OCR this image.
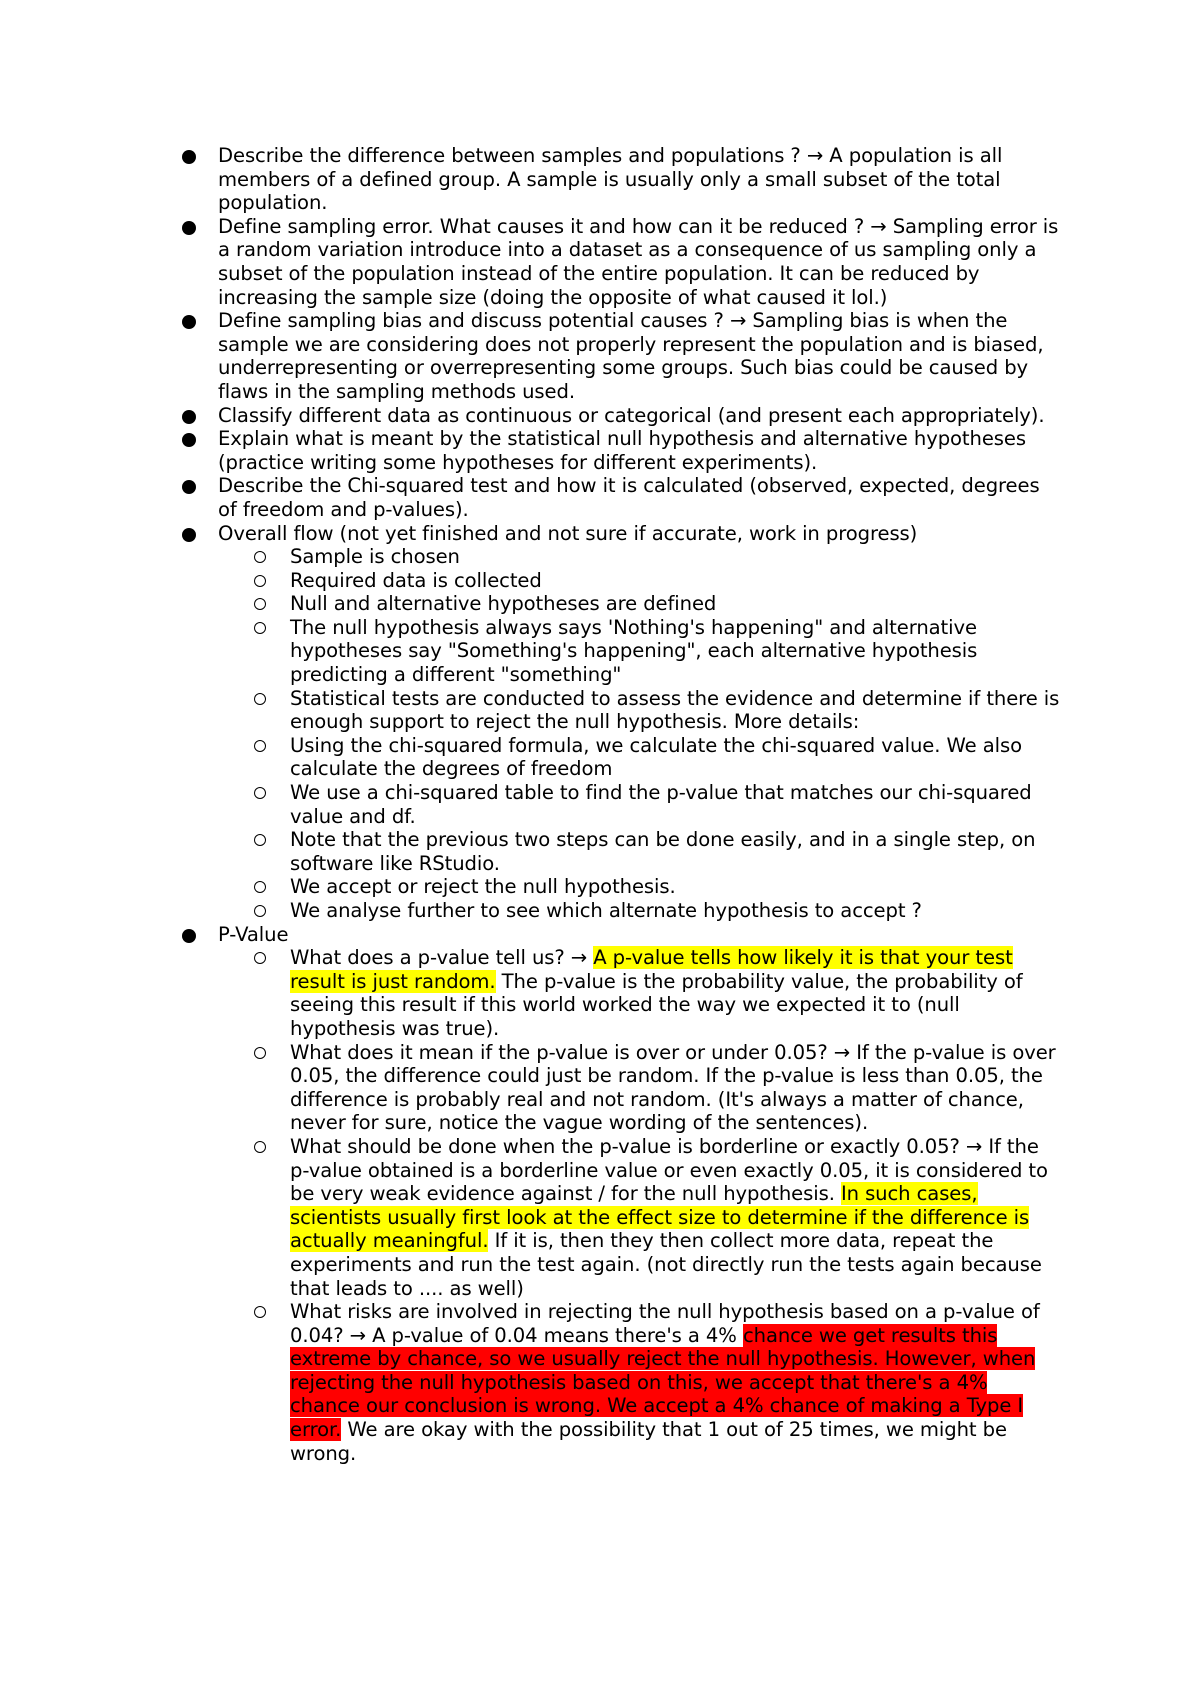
Describe the difference between samples and populations ? → A population is all members of a defined group. A sample is usually only a small subset of the total population.
Define sampling error. What causes it and how can it be reduced ? → Sampling error is a random variation introduce into a dataset as a consequence of us sampling only a subset of the population instead of the entire population. It can be reduced by increasing the sample size (doing the opposite of what caused it lol.)
Define sampling bias and discuss potential causes ? → Sampling bias is when the sample we are considering does not properly represent the population and is biased, underrepresenting or overrepresenting some groups. Such bias could be caused by flaws in the sampling methods used.
Classify different data as continuous or categorical (and present each appropriately).
Explain what is meant by the statistical null hypothesis and alternative hypotheses (practice writing some hypotheses for different experiments).
Describe the Chi-squared test and how it is calculated (observed, expected, degrees of freedom and p-values).
Overall flow (not yet finished and not sure if accurate, work in progress)
Sample is chosen
Required data is collected
Null and alternative hypotheses are defined
The null hypothesis always says 'Nothing's happening" and alternative hypotheses say "Something's happening", each alternative hypothesis predicting a different "something"
Statistical tests are conducted to assess the evidence and determine if there is enough support to reject the null hypothesis. More details:
Using the chi-squared formula, we calculate the chi-squared value. We also calculate the degrees of freedom
We use a chi-squared table to find the p-value that matches our chi-squared value and df.
Note that the previous two steps can be done easily, and in a single step, on software like RStudio.
We accept or reject the null hypothesis.
We analyse further to see which alternate hypothesis to accept ?
P-Value
What does a p-value tell us? → A p-value tells how likely it is that your test result is just random. The p-value is the probability value, the probability of seeing this result if this world worked the way we expected it to (null hypothesis was true).
What does it mean if the p-value is over or under 0.05? → If the p-value is over 0.05, the difference could just be random. If the p-value is less than 0.05, the difference is probably real and not random. (It's always a matter of chance, never for sure, notice the vague wording of the sentences).
What should be done when the p-value is borderline or exactly 0.05? → If the p-value obtained is a borderline value or even exactly 0.05, it is considered to be very weak evidence against / for the null hypothesis. In such cases, scientists usually first look at the effect size to determine if the difference is actually meaningful. If it is, then they then collect more data, repeat the experiments and run the test again. (not directly run the tests again because that leads to .... as well)
What risks are involved in rejecting the null hypothesis based on a p-value of 0.04? → A p-value of 0.04 means there's a 4% chance we get results this extreme by chance, so we usually reject the null hypothesis. However, when rejecting the null hypothesis based on this, we accept that there's a 4% chance our conclusion is wrong. We accept a 4% chance of making a Type I error. We are okay with the possibility that 1 out of 25 times, we might be wrong.
